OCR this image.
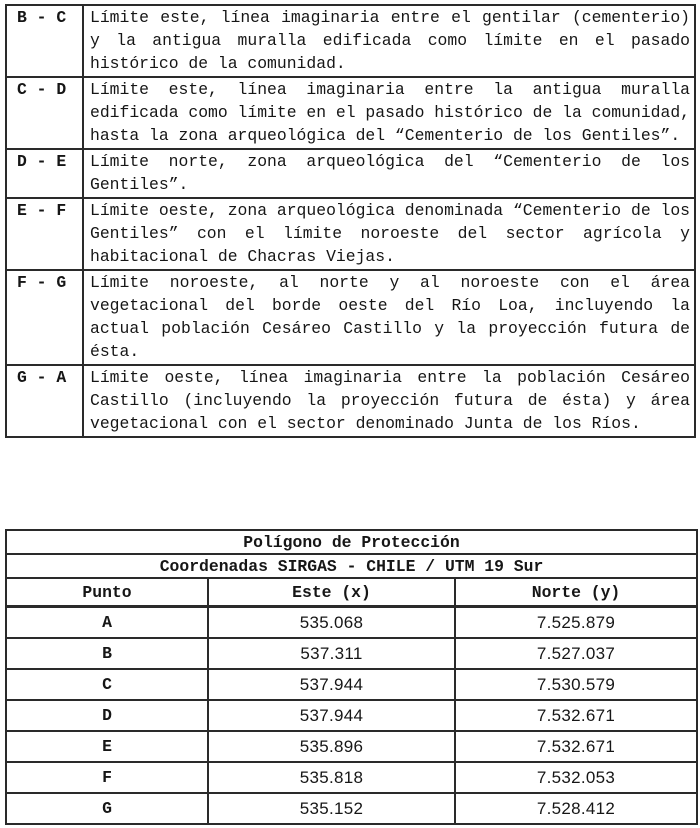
B - C	Límite este, línea imaginaria entre el gentilar (cementerio) y la antigua muralla edificada como límite en el pasado histórico de la comunidad.
C - D	Límite este, línea imaginaria entre la antigua muralla edificada como límite en el pasado histórico de la comunidad, hasta la zona arqueológica del “Cementerio de los Gentiles”.
D - E	Límite norte, zona arqueológica del “Cementerio de los Gentiles”.
E - F	Límite oeste, zona arqueológica denominada “Cementerio de los Gentiles” con el límite noroeste del sector agrícola y habitacional de Chacras Viejas.
F - G	Límite noroeste, al norte y al noroeste con el área vegetacional del borde oeste del Río Loa, incluyendo la actual población Cesáreo Castillo y la proyección futura de ésta.
G - A	Límite oeste, línea imaginaria entre la población Cesáreo Castillo (incluyendo la proyección futura de ésta) y área vegetacional con el sector denominado Junta de los Ríos.
Polígono de Protección		
Coordenadas SIRGAS - CHILE / UTM 19 Sur		
Punto	Este (x)	Norte (y)
A	535.068	7.525.879
B	537.311	7.527.037
C	537.944	7.530.579
D	537.944	7.532.671
E	535.896	7.532.671
F	535.818	7.532.053
G	535.152	7.528.412
